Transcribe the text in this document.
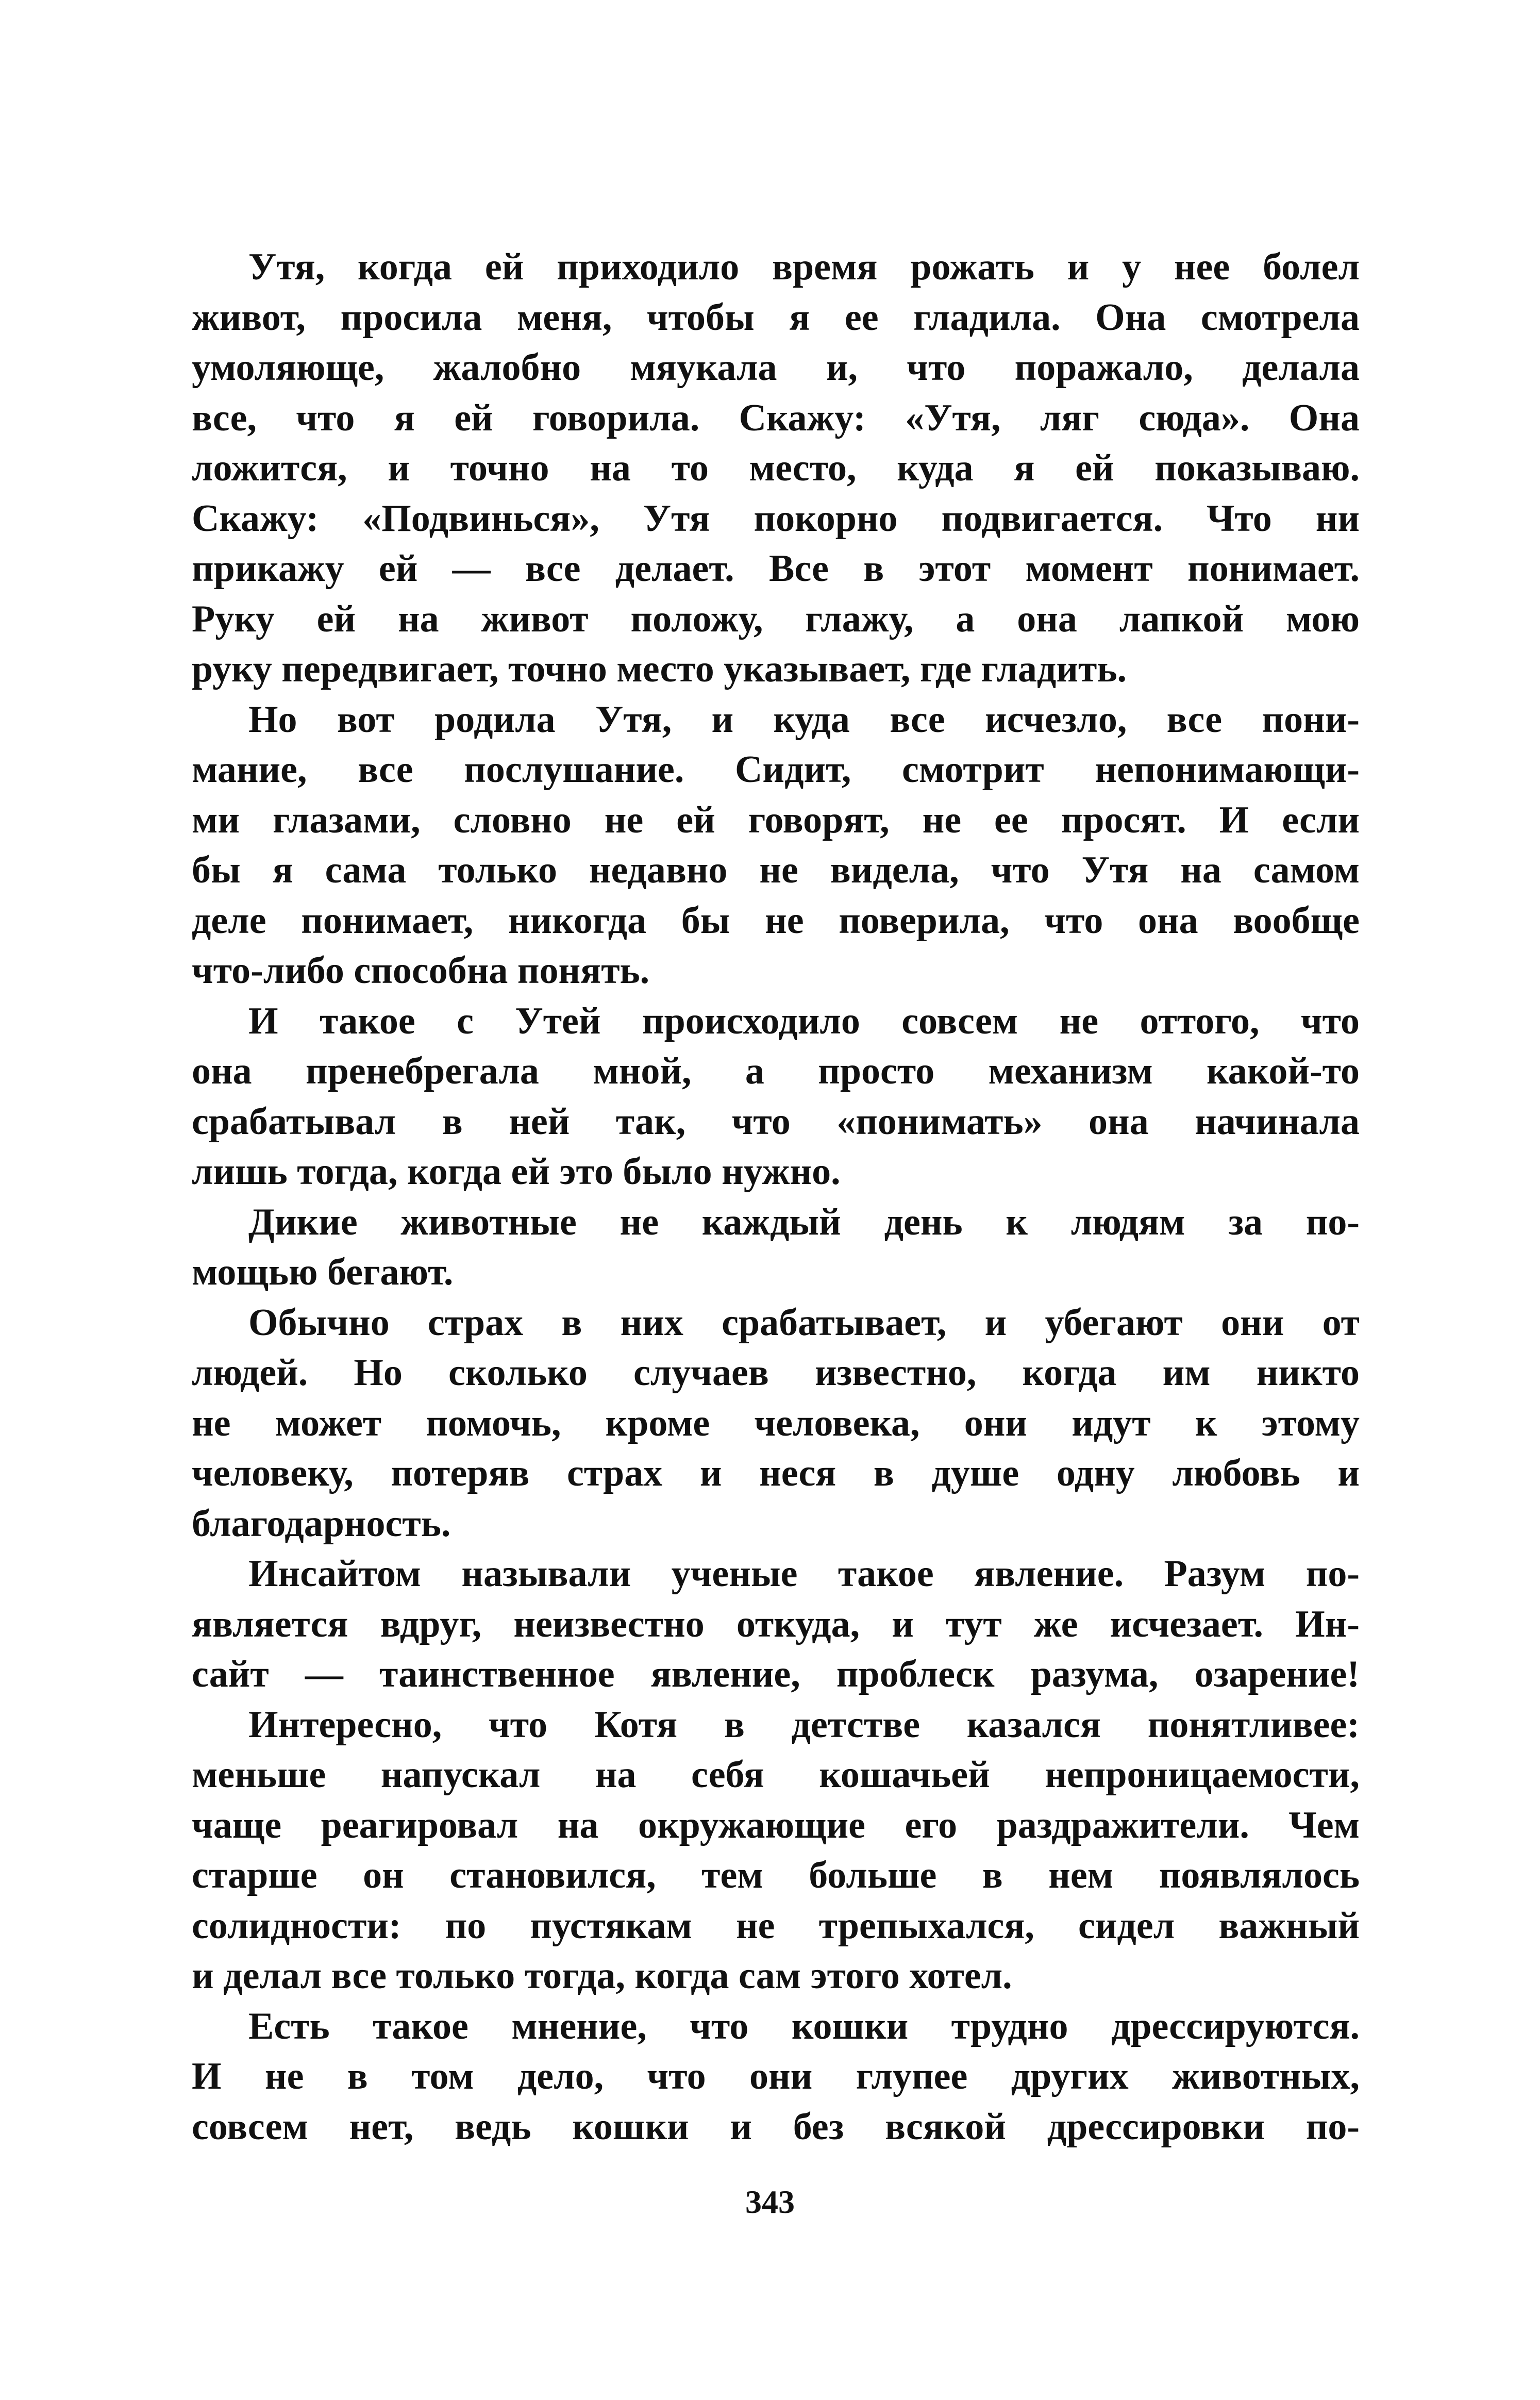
Утя, когда ей приходило время рожать и у нее болел
живот, просила меня, чтобы я ее гладила. Она смотрела
умоляюще, жалобно мяукала и, что поражало, делала
все, что я ей говорила. Скажу: «Утя, ляг сюда». Она
ложится, и точно на то место, куда я ей показываю.
Скажу: «Подвинься», Утя покорно подвигается. Что ни
прикажу ей — все делает. Все в этот момент понимает.
Руку ей на живот положу, глажу, а она лапкой мою
руку передвигает, точно место указывает, где гладить.
Но вот родила Утя, и куда все исчезло, все пони-
мание, все послушание. Сидит, смотрит непонимающи-
ми глазами, словно не ей говорят, не ее просят. И если
бы я сама только недавно не видела, что Утя на самом
деле понимает, никогда бы не поверила, что она вообще
что-либо способна понять.
И такое с Утей происходило совсем не оттого, что
она пренебрегала мной, а просто механизм какой-то
срабатывал в ней так, что «понимать» она начинала
лишь тогда, когда ей это было нужно.
Дикие животные не каждый день к людям за по-
мощью бегают.
Обычно страх в них срабатывает, и убегают они от
людей. Но сколько случаев известно, когда им никто
не может помочь, кроме человека, они идут к этому
человеку, потеряв страх и неся в душе одну любовь и
благодарность.
Инсайтом называли ученые такое явление. Разум по-
является вдруг, неизвестно откуда, и тут же исчезает. Ин-
сайт — таинственное явление, проблеск разума, озарение!
Интересно, что Котя в детстве казался понятливее:
меньше напускал на себя кошачьей непроницаемости,
чаще реагировал на окружающие его раздражители. Чем
старше он становился, тем больше в нем появлялось
солидности: по пустякам не трепыхался, сидел важный
и делал все только тогда, когда сам этого хотел.
Есть такое мнение, что кошки трудно дрессируются.
И не в том дело, что они глупее других животных,
совсем нет, ведь кошки и без всякой дрессировки по-
343
